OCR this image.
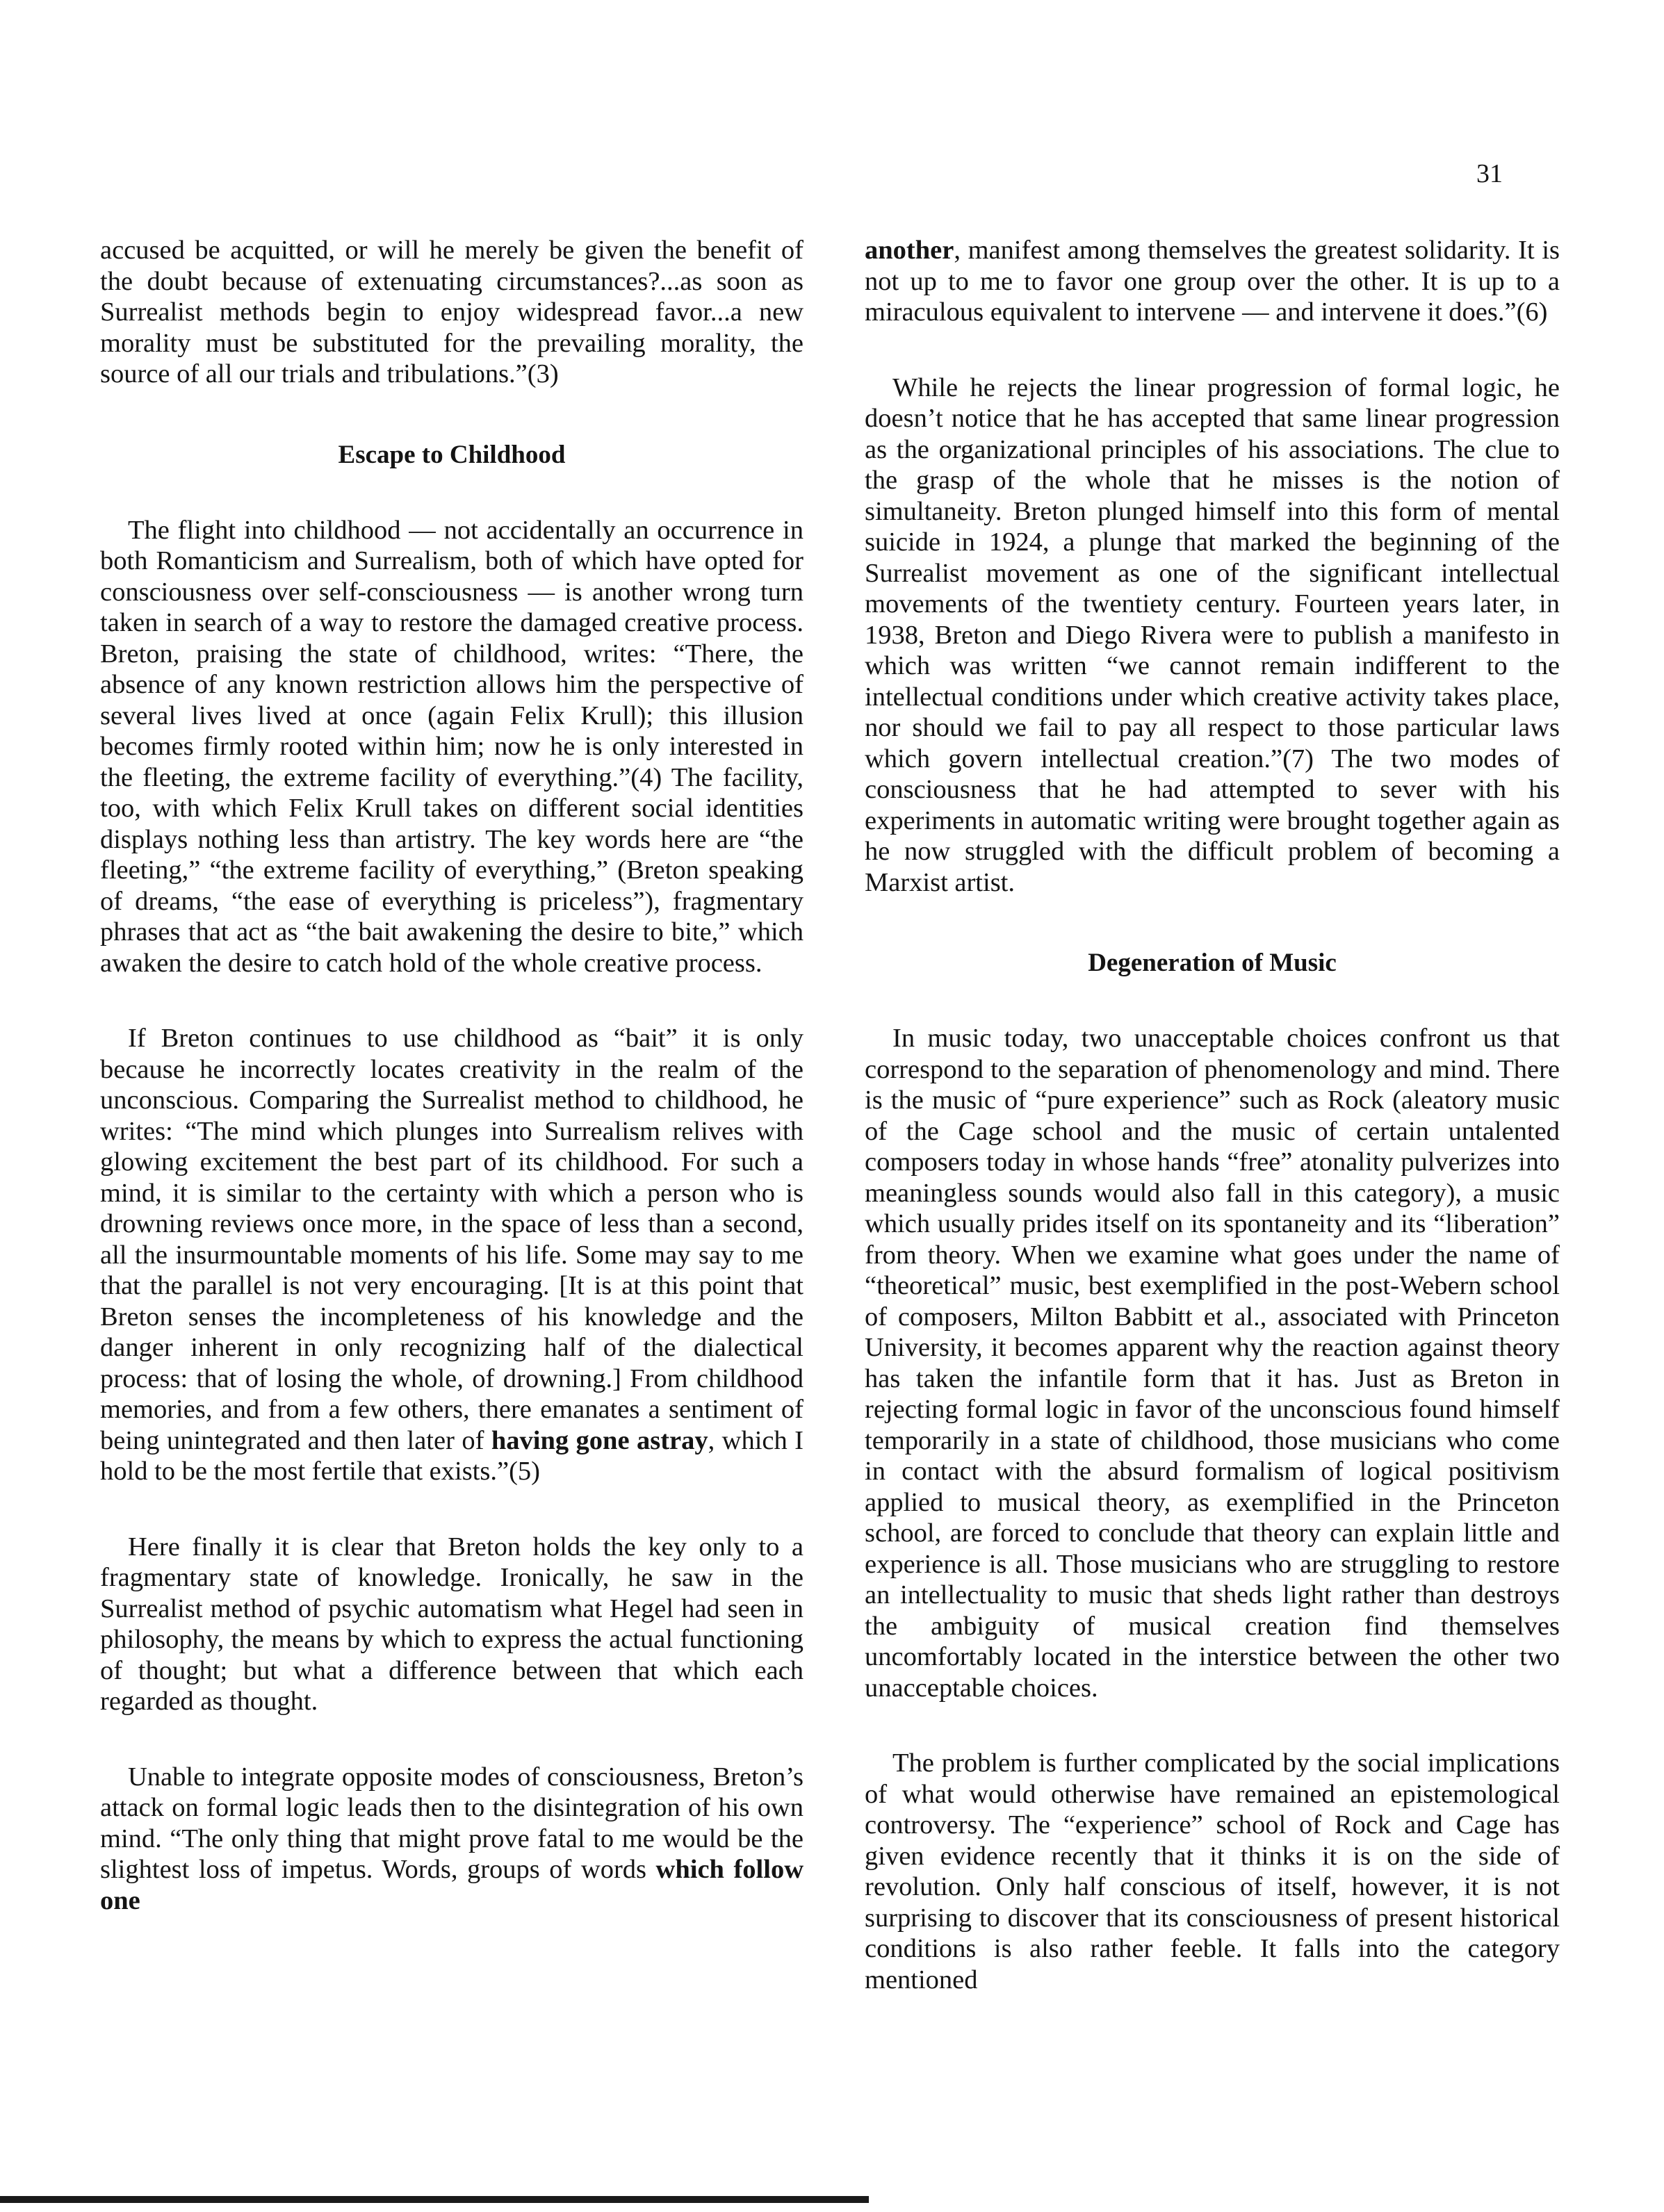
31

accused be acquitted, or will he merely be given the benefit of the doubt because of extenuating circumstances?...as soon as Surrealist methods begin to enjoy widespread favor...a new morality must be substituted for the prevailing morality, the source of all our trials and tribulations.”(3)

Escape to Childhood

The flight into childhood — not accidentally an occurrence in both Romanticism and Surrealism, both of which have opted for consciousness over self-consciousness — is another wrong turn taken in search of a way to restore the damaged creative process. Breton, praising the state of childhood, writes: “There, the absence of any known restriction allows him the perspective of several lives lived at once (again Felix Krull); this illusion becomes firmly rooted within him; now he is only interested in the fleeting, the extreme facility of everything.”(4) The facility, too, with which Felix Krull takes on different social identities displays nothing less than artistry. The key words here are “the fleeting,” “the extreme facility of everything,” (Breton speaking of dreams, “the ease of everything is priceless”), fragmentary phrases that act as “the bait awakening the desire to bite,” which awaken the desire to catch hold of the whole creative process.

If Breton continues to use childhood as “bait” it is only because he incorrectly locates creativity in the realm of the unconscious. Comparing the Surrealist method to childhood, he writes: “The mind which plunges into Surrealism relives with glowing excitement the best part of its childhood. For such a mind, it is similar to the certainty with which a person who is drowning reviews once more, in the space of less than a second, all the insurmountable moments of his life. Some may say to me that the parallel is not very encouraging. [It is at this point that Breton senses the incompleteness of his knowledge and the danger inherent in only recognizing half of the dialectical process: that of losing the whole, of drowning.] From childhood memories, and from a few others, there emanates a sentiment of being unintegrated and then later of having gone astray, which I hold to be the most fertile that exists.”(5)

Here finally it is clear that Breton holds the key only to a fragmentary state of knowledge. Ironically, he saw in the Surrealist method of psychic automatism what Hegel had seen in philosophy, the means by which to express the actual functioning of thought; but what a difference between that which each regarded as thought.

Unable to integrate opposite modes of consciousness, Breton’s attack on formal logic leads then to the disintegration of his own mind. “The only thing that might prove fatal to me would be the slightest loss of impetus. Words, groups of words which follow one

another, manifest among themselves the greatest solidarity. It is not up to me to favor one group over the other. It is up to a miraculous equivalent to intervene — and intervene it does.”(6)

While he rejects the linear progression of formal logic, he doesn’t notice that he has accepted that same linear progression as the organizational principles of his associations. The clue to the grasp of the whole that he misses is the notion of simultaneity. Breton plunged himself into this form of mental suicide in 1924, a plunge that marked the beginning of the Surrealist movement as one of the significant intellectual movements of the twentiety century. Fourteen years later, in 1938, Breton and Diego Rivera were to publish a manifesto in which was written “we cannot remain indifferent to the intellectual conditions under which creative activity takes place, nor should we fail to pay all respect to those particular laws which govern intellectual creation.”(7) The two modes of consciousness that he had attempted to sever with his experiments in automatic writing were brought together again as he now struggled with the difficult problem of becoming a Marxist artist.

Degeneration of Music

In music today, two unacceptable choices confront us that correspond to the separation of phenomenology and mind. There is the music of “pure experience” such as Rock (aleatory music of the Cage school and the music of certain untalented composers today in whose hands “free” atonality pulverizes into meaningless sounds would also fall in this category), a music which usually prides itself on its spontaneity and its “liberation” from theory. When we examine what goes under the name of “theoretical” music, best exemplified in the post-Webern school of composers, Milton Babbitt et al., associated with Princeton University, it becomes apparent why the reaction against theory has taken the infantile form that it has. Just as Breton in rejecting formal logic in favor of the unconscious found himself temporarily in a state of childhood, those musicians who come in contact with the absurd formalism of logical positivism applied to musical theory, as exemplified in the Princeton school, are forced to conclude that theory can explain little and experience is all. Those musicians who are struggling to restore an intellectuality to music that sheds light rather than destroys the ambiguity of musical creation find themselves uncomfortably located in the interstice between the other two unacceptable choices.

The problem is further complicated by the social implications of what would otherwise have remained an epistemological controversy. The “experience” school of Rock and Cage has given evidence recently that it thinks it is on the side of revolution. Only half conscious of itself, however, it is not surprising to discover that its consciousness of present historical conditions is also rather feeble. It falls into the category mentioned
